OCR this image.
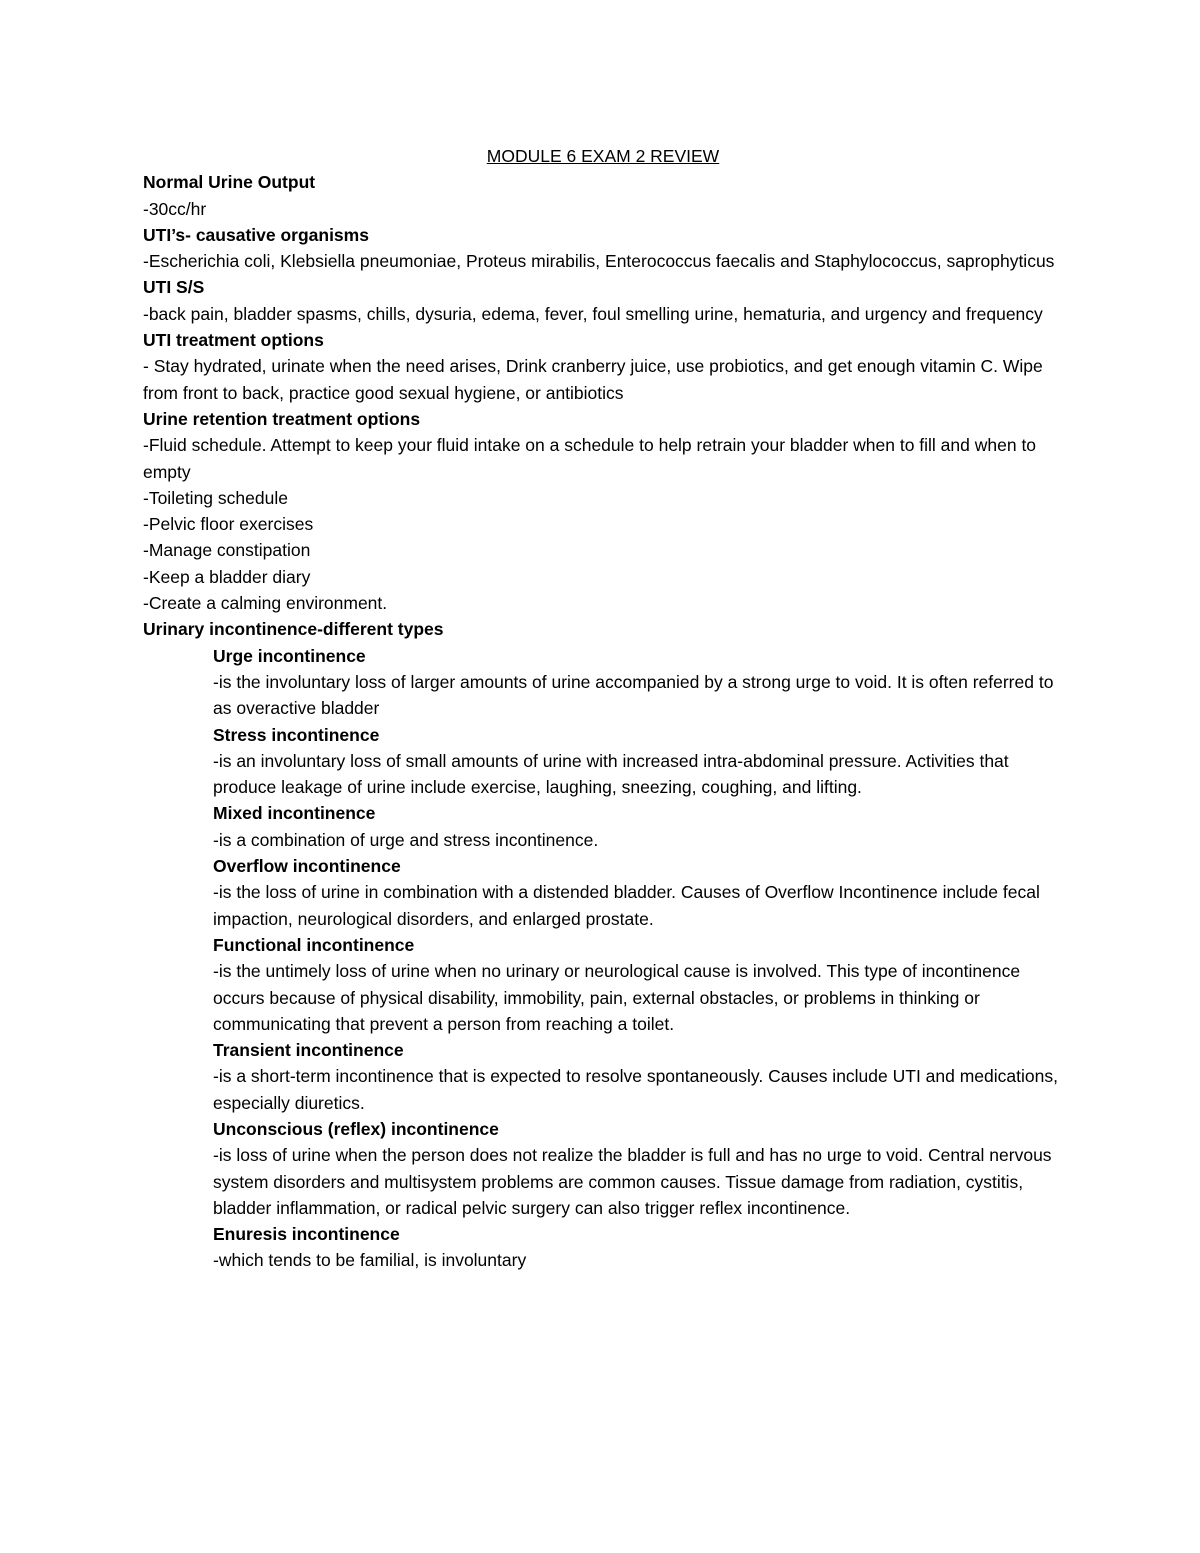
MODULE 6 EXAM 2 REVIEW

Normal Urine Output

-30cc/hr

UTI’s- causative organisms

-Escherichia coli, Klebsiella pneumoniae, Proteus mirabilis, Enterococcus faecalis and Staphylococcus, saprophyticus

UTI S/S

-back pain, bladder spasms, chills, dysuria, edema, fever, foul smelling urine, hematuria, and urgency and frequency

UTI treatment options

- Stay hydrated, urinate when the need arises, Drink cranberry juice, use probiotics, and get enough vitamin C. Wipe from front to back, practice good sexual hygiene, or antibiotics

Urine retention treatment options

-Fluid schedule. Attempt to keep your fluid intake on a schedule to help retrain your bladder when to fill and when to empty

-Toileting schedule

-Pelvic floor exercises

-Manage constipation

-Keep a bladder diary

-Create a calming environment.

Urinary incontinence-different types

Urge incontinence

-is the involuntary loss of larger amounts of urine accompanied by a strong urge to void. It is often referred to as overactive bladder

Stress incontinence

-is an involuntary loss of small amounts of urine with increased intra-abdominal pressure. Activities that produce leakage of urine include exercise, laughing, sneezing, coughing, and lifting.

Mixed incontinence

-is a combination of urge and stress incontinence.

Overflow incontinence

-is the loss of urine in combination with a distended bladder. Causes of Overflow Incontinence include fecal impaction, neurological disorders, and enlarged prostate.

Functional incontinence

-is the untimely loss of urine when no urinary or neurological cause is involved. This type of incontinence occurs because of physical disability, immobility, pain, external obstacles, or problems in thinking or communicating that prevent a person from reaching a toilet.

Transient incontinence

-is a short-term incontinence that is expected to resolve spontaneously. Causes include UTI and medications, especially diuretics.

Unconscious (reflex) incontinence

-is loss of urine when the person does not realize the bladder is full and has no urge to void. Central nervous system disorders and multisystem problems are common causes. Tissue damage from radiation, cystitis, bladder inflammation, or radical pelvic surgery can also trigger reflex incontinence.

Enuresis incontinence

-which tends to be familial, is involuntary
